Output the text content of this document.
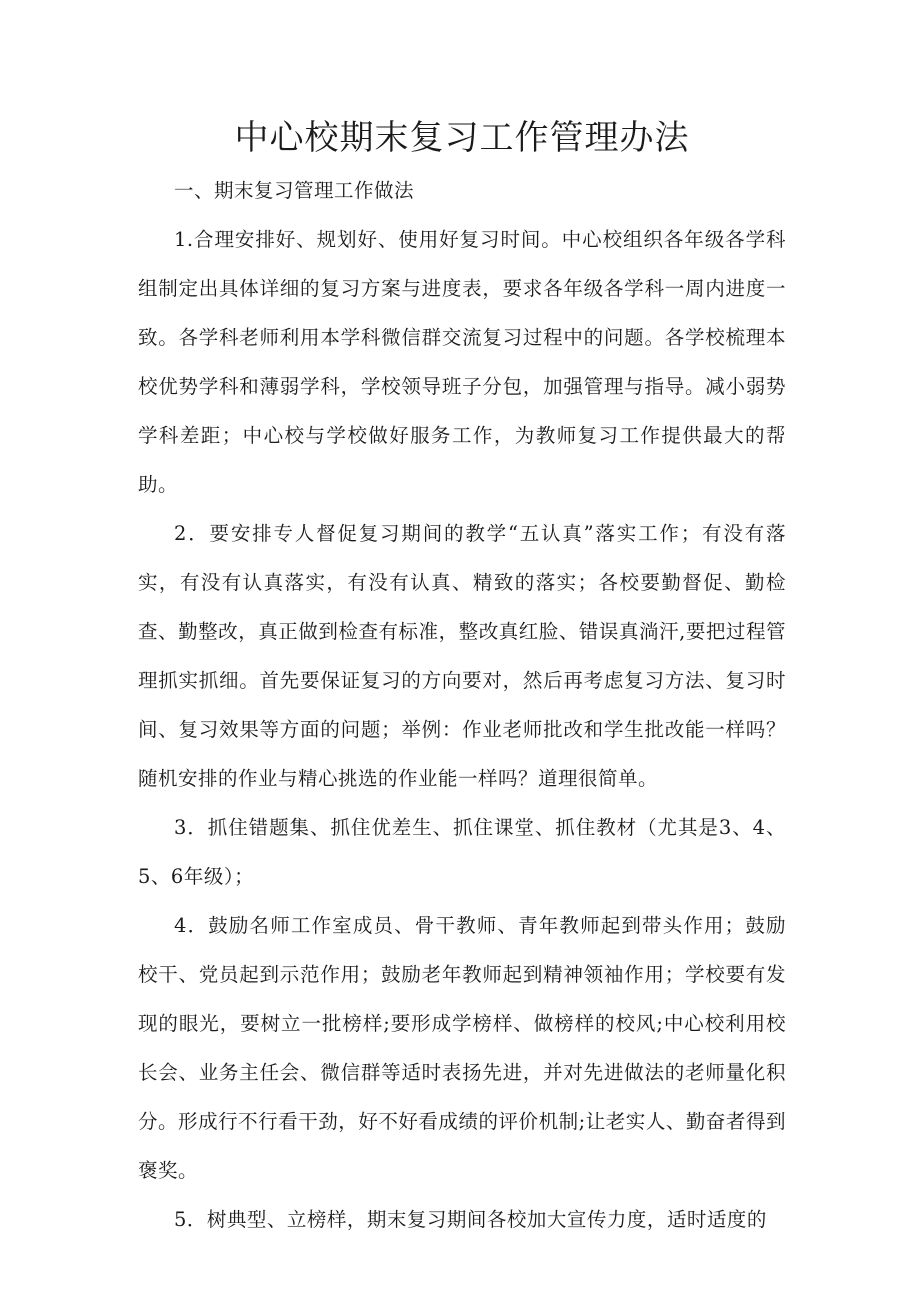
中心校期末复习工作管理办法

一、期末复习管理工作做法

1.合理安排好、规划好、使用好复习时间。中心校组织各年级各学科组制定出具体详细的复习方案与进度表，要求各年级各学科一周内进度一致。各学科老师利用本学科微信群交流复习过程中的问题。各学校梳理本校优势学科和薄弱学科，学校领导班子分包，加强管理与指导。减小弱势学科差距；中心校与学校做好服务工作，为教师复习工作提供最大的帮助。

2．要安排专人督促复习期间的教学“五认真”落实工作；有没有落实，有没有认真落实，有没有认真、精致的落实；各校要勤督促、勤检查、勤整改，真正做到检查有标准，整改真红脸、错误真淌汗,要把过程管理抓实抓细。首先要保证复习的方向要对，然后再考虑复习方法、复习时间、复习效果等方面的问题；举例：作业老师批改和学生批改能一样吗？随机安排的作业与精心挑选的作业能一样吗？道理很简单。

3．抓住错题集、抓住优差生、抓住课堂、抓住教材（尤其是3、4、5、6年级）；

4．鼓励名师工作室成员、骨干教师、青年教师起到带头作用；鼓励校干、党员起到示范作用；鼓励老年教师起到精神领袖作用；学校要有发现的眼光，要树立一批榜样;要形成学榜样、做榜样的校风;中心校利用校长会、业务主任会、微信群等适时表扬先进，并对先进做法的老师量化积分。形成行不行看干劲，好不好看成绩的评价机制;让老实人、勤奋者得到褒奖。

5．树典型、立榜样，期末复习期间各校加大宣传力度，适时适度的
